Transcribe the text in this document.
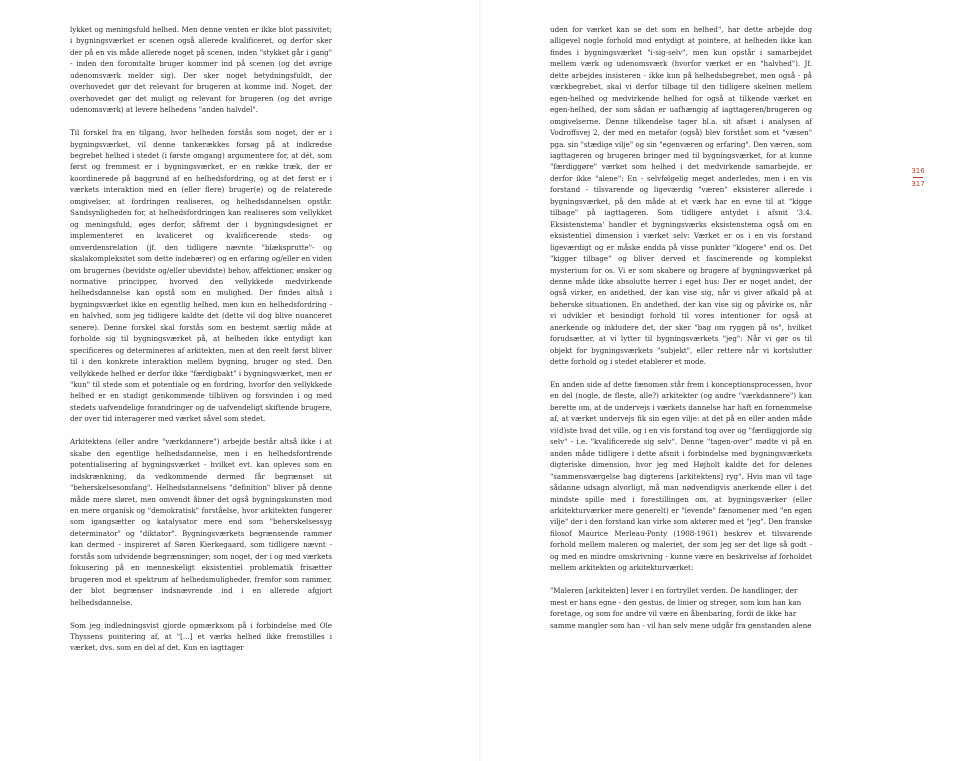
lykket og meningsfuld helhed. Men denne venten er ikke blot passivitet; i bygningsværket er scenen også allerede kvalificeret, og derfor sker der på en vis måde allerede noget på scenen, inden "stykket går i gang" - inden den foromtalte bruger kommer ind på scenen (og det øvrige udenomsværk melder sig). Der sker noget betydningsfuldt, der overhovedet gør det relevant for brugeren at komme ind. Noget, der overhovedet gør det muligt og relevant for brugeren (og det øvrige udenomsværk) at levere helhedens "anden halvdel".

Til forskel fra en tilgang, hvor helheden forstås som noget, der er i bygningsværket, vil denne tankerækkes forsøg på at indkredse begrebet helhed i stedet (i første omgang) argumentere for, at dét, som først og fremmest er i bygningsværket, er en række træk, der er koordinerede på baggrund af en helhedsfordring, og at det først er i værkets interaktion med en (eller flere) bruger(e) og de relaterede omgivelser, at fordringen realiseres, og helhedsdannelsen opstår. Sandsynligheden for, at helhedsfordringen kan realiseres som vellykket og meningsfuld, øges derfor, såfremt der i bygningsdesignet er implementeret en kvaliceret og kvalificerende steds- og omverdensrelation (jf. den tidligere nævnte "blæksprutte"- og skalakompleksitet som dette indebærer) og en erfaring og/eller en viden om brugernes (bevidste og/eller ubevidste) behov, affektioner, ønsker og normative principper, hvorved den vellykkede medvirkende helhedsdannelse kan opstå som en mulighed. Der findes altså i bygningsværket ikke en egentlig helhed, men kun en helhedsfordring - en halvhed, som jeg tidligere kaldte det (dette vil dog blive nuanceret senere). Denne forskel skal forstås som en bestemt særlig måde at forholde sig til bygningsværket på, at helheden ikke entydigt kan specificeres og determineres af arkitekten, men at den reelt først bliver til i den konkrete interaktion mellem bygning, bruger og sted. Den vellykkede helhed er derfor ikke "færdigbakt" i bygningsværket, men er "kun" til stede som et potentiale og en fordring, hvorfor den vellykkede helhed er en stadigt genkommende tilbliven og forsvinden i og med stedets uafvendelige forandringer og de uafvendeligt skiftende brugere, der over tid interagerer med værket såvel som stedet.

Arkitektens (eller andre "værkdannere") arbejde består altså ikke i at skabe den egentlige helhedsdannelse, men i en helhedsfordrende potentialisering af bygningsværket - hvilket evt. kan opleves som en indskrænkning, da vedkommende dermed får begrænset sit "beherskelsesomfang". Helhedsdannelsens "definition" bliver på denne måde mere sløret, men omvendt åbner det også bygningskunsten mod en mere organisk og "demokratisk" forståelse, hvor arkitekten fungerer som igangsætter og katalysator mere end som "beherskelsessyg determinator" og "diktator". Bygningsværkets begrænsende rammer kan dermed - inspireret af Søren Kierkegaard, som tidligere nævnt - forstås som udvidende begrænsninger; som noget, der i og med værkets fokusering på en menneskeligt eksistentiel problematik frisætter brugeren mod et spektrum af helhedsmuligheder, fremfor som rammer, der blot begrænser indsnævrende ind i en allerede afgjort helhedsdannelse.

Som jeg indledningsvist gjorde opmærksom på i forbindelse med Ole Thyssens pointering af, at "[...] et værks helhed ikke fremstilles i værket, dvs. som en del af det. Kun en iagttager

uden for værket kan se det som en helhed", har dette arbejde dog alligevel nogle forhold mod entydigt at pointere, at helheden ikke kan findes i bygningsværket "i-sig-selv", men kun opstår i samarbejdet mellem værk og udenomsværk (hvorfor værket er en "halvhed"). Jf. dette arbejdes insisteren - ikke kun på helhedsbegrebet, men også - på værkbegrebet, skal vi derfor tilbage til den tidligere skelnen mellem egen-helhed og medvirkende helhed for også at tilkende værket en egen-helhed, der som sådan er uafhængig af iagttageren/brugeren og omgivelserne. Denne tilkendelse tager bl.a. sit afsæt i analysen af Vodroffsvej 2, der med en metafor (også) blev forstået som et "væsen" pga. sin "stædige vilje" og sin "egenværen og erfaring". Den væren, som iagttageren og brugeren bringer med til bygningsværket, for at kunne "færdiggøre" værket som helhed i det medvirkende samarbejde, er derfor ikke "alene": En - selvfølgelig meget anderledes, men i en vis forstand - tilsvarende og ligeværdig "væren" eksisterer allerede i bygningsværket, på den måde at et værk har en evne til at "kigge tilbage" på iagttageren. Som tidligere antydet i afsnit '3.4. Eksistenstema' handler et bygningsværks eksistenstema også om en eksistentiel dimension i værket selv: Værket er os i en vis forstand ligeværdigt og er måske endda på visse punkter "klogere" end os. Det "kigger tilbage" og bliver derved et fascinerende og komplekst mysterium for os. Vi er som skabere og brugere af bygningsværket på denne måde ikke absolutte herrer i eget hus: Der er noget andet, der også virker, en andethed, der kan vise sig, når vi giver afkald på at beherske situationen. En andethed, der kan vise sig og påvirke os, når vi udvikler et besindigt forhold til vores intentioner for også at anerkende og inkludere det, der sker "bag om ryggen på os", hvilket forudsætter, at vi lytter til bygningsværkets "jeg": Når vi gør os til objekt for bygningsværkets "subjekt", eller rettere når vi kortslutter dette forhold og i stedet etablerer et mode.

En anden side af dette fænomen står frem i konceptionsprocessen, hvor en del (nogle, de fleste, alle?) arkitekter (og andre "værkdannere") kan berette om, at de undervejs i værkets dannelse har haft en fornemmelse af, at værket undervejs fik sin egen vilje: at det på en eller anden måde vi(d)ste hvad det ville, og i en vis forstand tog over og "færdiggjorde sig selv" - i.e. "kvalificerede sig selv". Denne "tagen-over" mødte vi på en anden måde tidligere i dette afsnit i forbindelse med bygningsværkets digteriske dimension, hvor jeg med Højholt kaldte det for delenes "sammensværgelse bag digterens [arkitektens] ryg". Hvis man vil tage sådanne udsagn alvorligt, må man nødvendigvis anerkende eller i det mindste spille med i forestillingen om, at bygningsværker (eller arkitekturværker mere generelt) er "levende" fænomener med "en egen vilje" der i den forstand kan virke som aktører med et "jeg". Den franske filosof Maurice Merleau-Ponty (1908-1961) beskrev et tilsvarende forhold mellem maleren og maleriet, der som jeg ser det lige så godt - og med en mindre omskrivning - kunne være en beskrivelse af forholdet mellem arkitekten og arkitekturværket:

"Maleren [arkitekten] lever i en fortryllet verden. De handlinger, der mest er hans egne - den gestus, de linier og streger, som kun han kan foretage, og som for andre vil være en åbenbaring, fordi de ikke har samme mangler som han - vil han selv mene udgår fra genstanden alene

316
317
